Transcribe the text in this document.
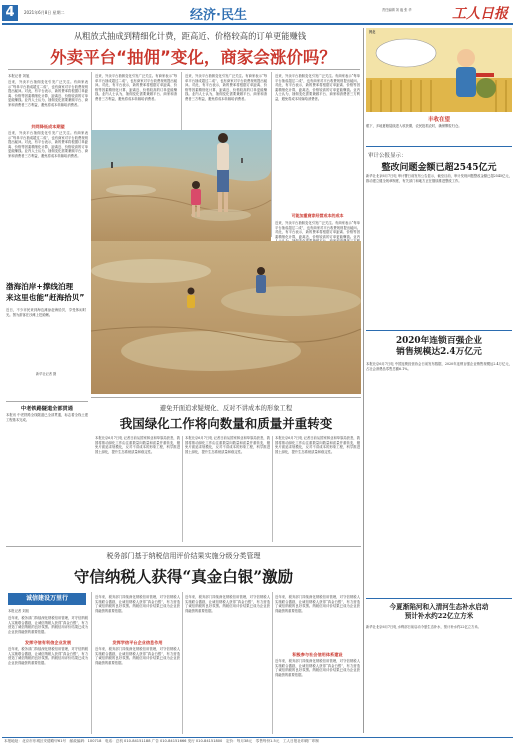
4	2021年6月8日 星期二	经济·民生	责任编辑 刘 毅 张 华	工人日报
从粗放式抽成到精细化计费，距高近、价格较高的订单更能赚钱
外卖平台“抽佣”变化，商家会涨价吗？
本报记者 刘旭
近来，外卖平台抽佣变化引发广泛关注。有商家表示“每单平台抽成超过二成”，也有商家对平台收费规则提出疑问。对此，有平台表示，新的费率将根据订单距离、价格等因素精细化计算，距离近、价格较高的订单更能赚钱。业内人士认为，抽佣变化需要兼顾平台、商家和消费者三方利益，避免将成本转嫁给消费者。
共同降低成本期望
近来，外卖平台抽佣变化引发广泛关注。有商家表示“每单平台抽成超过二成”，也有商家对平台收费规则提出疑问。对此，有平台表示，新的费率将根据订单距离、价格等因素精细化计算，距离近、价格较高的订单更能赚钱。业内人士认为，抽佣变化需要兼顾平台、商家和消费者三方利益，避免将成本转嫁给消费者。
近来，外卖平台抽佣变化引发广泛关注。有商家表示“每单平台抽成超过二成”，也有商家对平台收费规则提出疑问。对此，有平台表示，新的费率将根据订单距离、价格等因素精细化计算，距离近、价格较高的订单更能赚钱。业内人士认为，抽佣变化需要兼顾平台、商家和消费者三方利益，避免将成本转嫁给消费者。
近来，外卖平台抽佣变化引发广泛关注。有商家表示“每单平台抽成超过二成”，也有商家对平台收费规则提出疑问。对此，有平台表示，新的费率将根据订单距离、价格等因素精细化计算，距离近、价格较高的订单更能赚钱。业内人士认为，抽佣变化需要兼顾平台、商家和消费者三方利益，避免将成本转嫁给消费者。
近来，外卖平台抽佣变化引发广泛关注。有商家表示“每单平台抽成超过二成”，也有商家对平台收费规则提出疑问。对此，有平台表示，新的费率将根据订单距离、价格等因素精细化计算，距离近、价格较高的订单更能赚钱。业内人士认为，抽佣变化需要兼顾平台、商家和消费者三方利益，避免将成本转嫁给消费者。
可能加重商家经营成本的成本
近来，外卖平台抽佣变化引发广泛关注。有商家表示“每单平台抽成超过二成”，也有商家对平台收费规则提出疑问。对此，有平台表示，新的费率将根据订单距离、价格等因素精细化计算，距离近、价格较高的订单更能赚钱。业内
渤海泊岸+撑线泊理
来这里也能“赶海拾贝”
近日，不少市民来到海边滩涂赶海拾贝，享受休闲时光。图为游客在沙滩上挖蛤蜊。
新华社记者 摄
中老铁路隧道全部贯通
本报讯 中老铁路全线隧道已全部贯通，标志着全线土建工程基本完成。
河北
丰收在望
眼下，多地夏粮陆续进入收获期，农民抢抓农时，确保颗粒归仓。
审计公报显示：
整改问题金额已超2545亿元
新华社北京6月7日电 审计署日前发布公告显示，截至目前，审计发现问题整改金额已超2545亿元，推动建立健全规章制度，有关部门和地方正在继续推进整改工作。
2020年连锁百强企业
销售规模达2.4万亿元
本报北京6月7日电 中国连锁经营协会日前发布数据，2020年连锁百强企业销售规模达2.4万亿元，占社会消费品零售总额6.1%。
今夏渐陷河和入清河生态补水启动
预计补水约22亿立方米
新华社北京6月7日电 水利部日前启动今夏生态补水，预计补水约22亿立方米。
避免开面追求疑规化、反对不讲成本的形象工程
我国绿化工作将向数量和质量并重转变
本报北京6月7日电 记者日前从国家林业和草原局获悉，我国将推动绿化工作由注重数量向数量和质量并重转变，避免片面追求规模化，反对不讲成本的形象工程，科学推进国土绿化，提升生态系统质量和稳定性。
本报北京6月7日电 记者日前从国家林业和草原局获悉，我国将推动绿化工作由注重数量向数量和质量并重转变，避免片面追求规模化，反对不讲成本的形象工程，科学推进国土绿化，提升生态系统质量和稳定性。
本报北京6月7日电 记者日前从国家林业和草原局获悉，我国将推动绿化工作由注重数量向数量和质量并重转变，避免片面追求规模化，反对不讲成本的形象工程，科学推进国土绿化，提升生态系统质量和稳定性。
税务部门基于纳税信用评价结果实施分级分类管理
守信纳税人获得“真金白银”激励
诚信建设万里行
本报记者 刘旭
近年来，税务部门持续深化纳税信用管理，对守信纳税人实施联合激励，让诚信纳税人获得“真金白银”，有力营造了诚信纳税的良好氛围。纳税信用评价结果已成为企业获得融资的重要依据。
发挥守信有利信企业发展
近年来，税务部门持续深化纳税信用管理，对守信纳税人实施联合激励，让诚信纳税人获得“真金白银”，有力营造了诚信纳税的良好氛围。纳税信用评价结果已成为企业获得融资的重要依据。
近年来，税务部门持续深化纳税信用管理，对守信纳税人实施联合激励，让诚信纳税人获得“真金白银”，有力营造了诚信纳税的良好氛围。纳税信用评价结果已成为企业获得融资的重要依据。
发挥学信平台企业信息作用
近年来，税务部门持续深化纳税信用管理，对守信纳税人实施联合激励，让诚信纳税人获得“真金白银”，有力营造了诚信纳税的良好氛围。纳税信用评价结果已成为企业获得融资的重要依据。
近年来，税务部门持续深化纳税信用管理，对守信纳税人实施联合激励，让诚信纳税人获得“真金白银”，有力营造了诚信纳税的良好氛围。纳税信用评价结果已成为企业获得融资的重要依据。
近年来，税务部门持续深化纳税信用管理，对守信纳税人实施联合激励，让诚信纳税人获得“真金白银”，有力营造了诚信纳税的良好氛围。纳税信用评价结果已成为企业获得融资的重要依据。
积极参与社会信用体系建设
近年来，税务部门持续深化纳税信用管理，对守信纳税人实施联合激励，让诚信纳税人获得“真金白银”，有力营造了诚信纳税的良好氛围。纳税信用评价结果已成为企业获得融资的重要依据。
本报地址：北京市东城区安德路甲61号　邮政编码：100718　电话：总机 010-84151188 广告 010-84151666 发行 010-84151800　定价：每月38元　零售每份1.5元　工人日报社印刷厂印制
